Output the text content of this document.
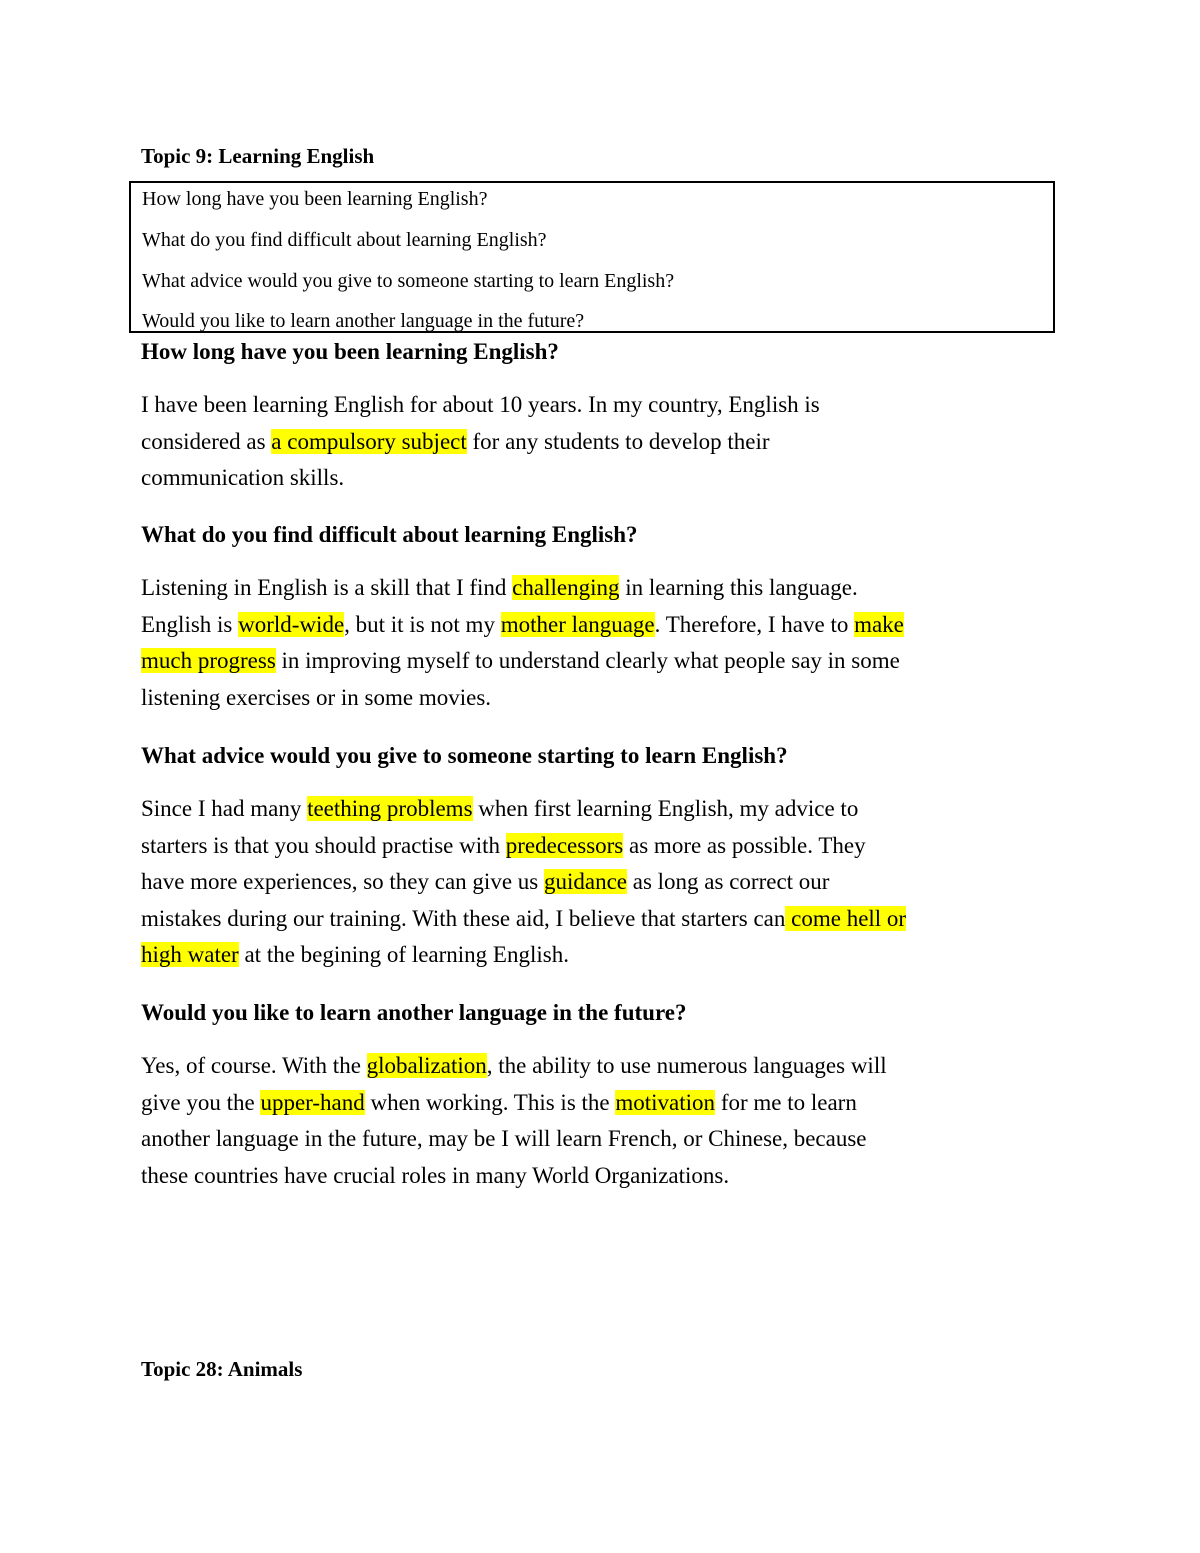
Topic 9: Learning English
How long have you been learning English?
What do you find difficult about learning English?
What advice would you give to someone starting to learn English?
Would you like to learn another language in the future?

How long have you been learning English?

I have been learning English for about 10 years. In my country, English is
considered as a compulsory subject for any students to develop their
communication skills.

What do you find difficult about learning English?

Listening in English is a skill that I find challenging in learning this language.
English is world-wide, but it is not my mother language. Therefore, I have to make
much progress in improving myself to understand clearly what people say in some
listening exercises or in some movies.

What advice would you give to someone starting to learn English?

Since I had many teething problems when first learning English, my advice to
starters is that you should practise with predecessors as more as possible. They
have more experiences, so they can give us guidance as long as correct our
mistakes during our training. With these aid, I believe that starters can come hell or
high water at the begining of learning English.

Would you like to learn another language in the future?

Yes, of course. With the globalization, the ability to use numerous languages will
give you the upper-hand when working. This is the motivation for me to learn
another language in the future, may be I will learn French, or Chinese, because
these countries have crucial roles in many World Organizations.

Topic 28: Animals
